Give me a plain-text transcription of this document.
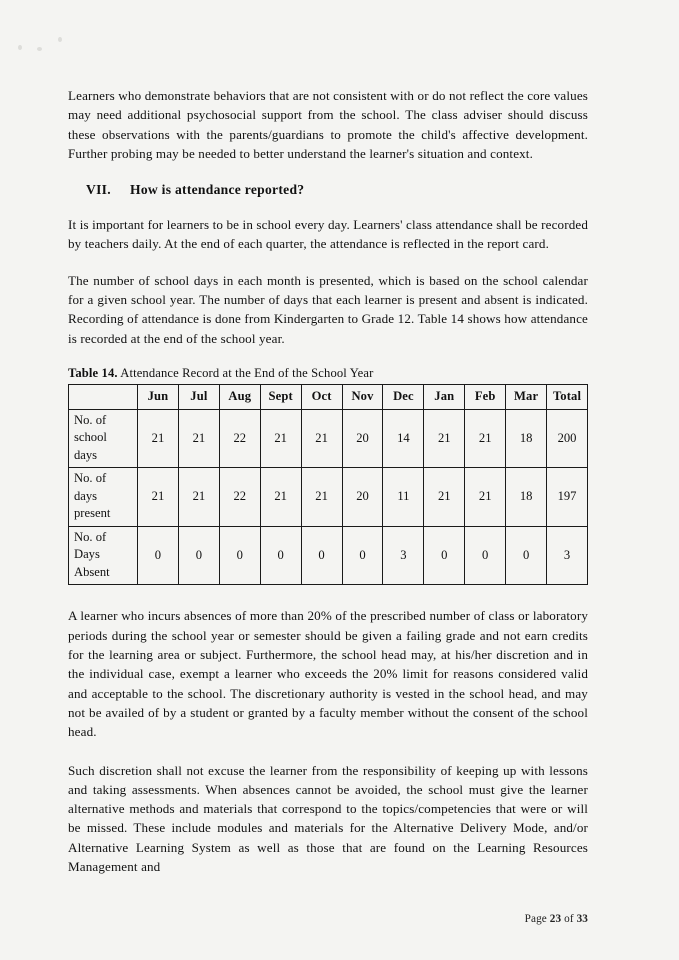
Learners who demonstrate behaviors that are not consistent with or do not reflect the core values may need additional psychosocial support from the school. The class adviser should discuss these observations with the parents/guardians to promote the child's affective development. Further probing may be needed to better understand the learner's situation and context.

VII. How is attendance reported?

It is important for learners to be in school every day. Learners' class attendance shall be recorded by teachers daily. At the end of each quarter, the attendance is reflected in the report card.

The number of school days in each month is presented, which is based on the school calendar for a given school year. The number of days that each learner is present and absent is indicated. Recording of attendance is done from Kindergarten to Grade 12. Table 14 shows how attendance is recorded at the end of the school year.

Table 14. Attendance Record at the End of the School Year
	Jun	Jul	Aug	Sept	Oct	Nov	Dec	Jan	Feb	Mar	Total

No. of
school
days	21	21	22	21	21	20	14	21	21	18	200

No. of
days
present	21	21	22	21	21	20	11	21	21	18	197

No. of
Days
Absent	0	0	0	0	0	0	3	0	0	0	3

A learner who incurs absences of more than 20% of the prescribed number of class or laboratory periods during the school year or semester should be given a failing grade and not earn credits for the learning area or subject. Furthermore, the school head may, at his/her discretion and in the individual case, exempt a learner who exceeds the 20% limit for reasons considered valid and acceptable to the school. The discretionary authority is vested in the school head, and may not be availed of by a student or granted by a faculty member without the consent of the school head.

Such discretion shall not excuse the learner from the responsibility of keeping up with lessons and taking assessments. When absences cannot be avoided, the school must give the learner alternative methods and materials that correspond to the topics/competencies that were or will be missed. These include modules and materials for the Alternative Delivery Mode, and/or Alternative Learning System as well as those that are found on the Learning Resources Management and

Page 23 of 33
